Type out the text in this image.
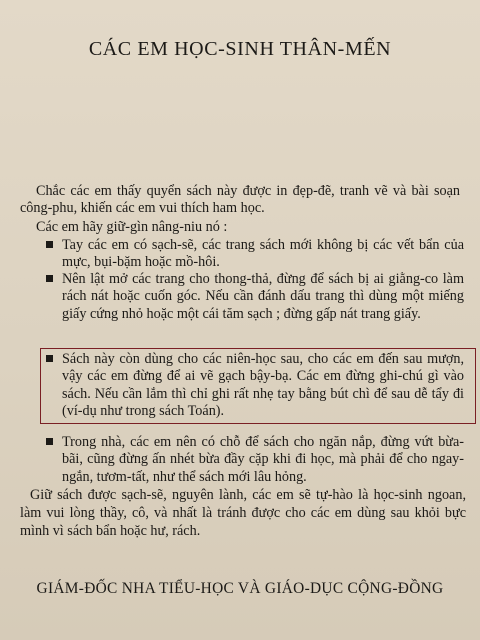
CÁC EM HỌC-SINH THÂN-MẾN
Chắc các em thấy quyển sách này được in đẹp-đẽ, tranh vẽ và bài soạn công-phu, khiến các em vui thích ham học.
Các em hãy giữ-gìn nâng-niu nó :
Tay các em có sạch-sẽ, các trang sách mới không bị các vết bẩn của mực, bụi-bặm hoặc mồ-hôi.
Nên lật mở các trang cho thong-thả, đừng để sách bị ai giằng-co làm rách nát hoặc cuốn góc. Nếu cần đánh dấu trang thì dùng một miếng giấy cứng nhỏ hoặc một cái tăm sạch ; đừng gấp nát trang giấy.
Sách này còn dùng cho các niên-học sau, cho các em đến sau mượn, vậy các em đừng để ai vẽ gạch bậy-bạ. Các em đừng ghi-chú gì vào sách. Nếu cần lắm thì chỉ ghi rất nhẹ tay bằng bút chì để sau dễ tẩy đi (ví-dụ như trong sách Toán).
Trong nhà, các em nên có chỗ để sách cho ngăn nắp, đừng vứt bừa-bãi, cũng đừng ấn nhét bừa đầy cặp khi đi học, mà phải để cho ngay-ngắn, tươm-tất, như thể sách mới lâu hỏng.
Giữ sách được sạch-sẽ, nguyên lành, các em sẽ tự-hào là học-sinh ngoan, làm vui lòng thầy, cô, và nhất là tránh được cho các em dùng sau khỏi bực mình vì sách bẩn hoặc hư, rách.
GIÁM-ĐỐC NHA TIỂU-HỌC VÀ GIÁO-DỤC CỘNG-ĐỒNG
